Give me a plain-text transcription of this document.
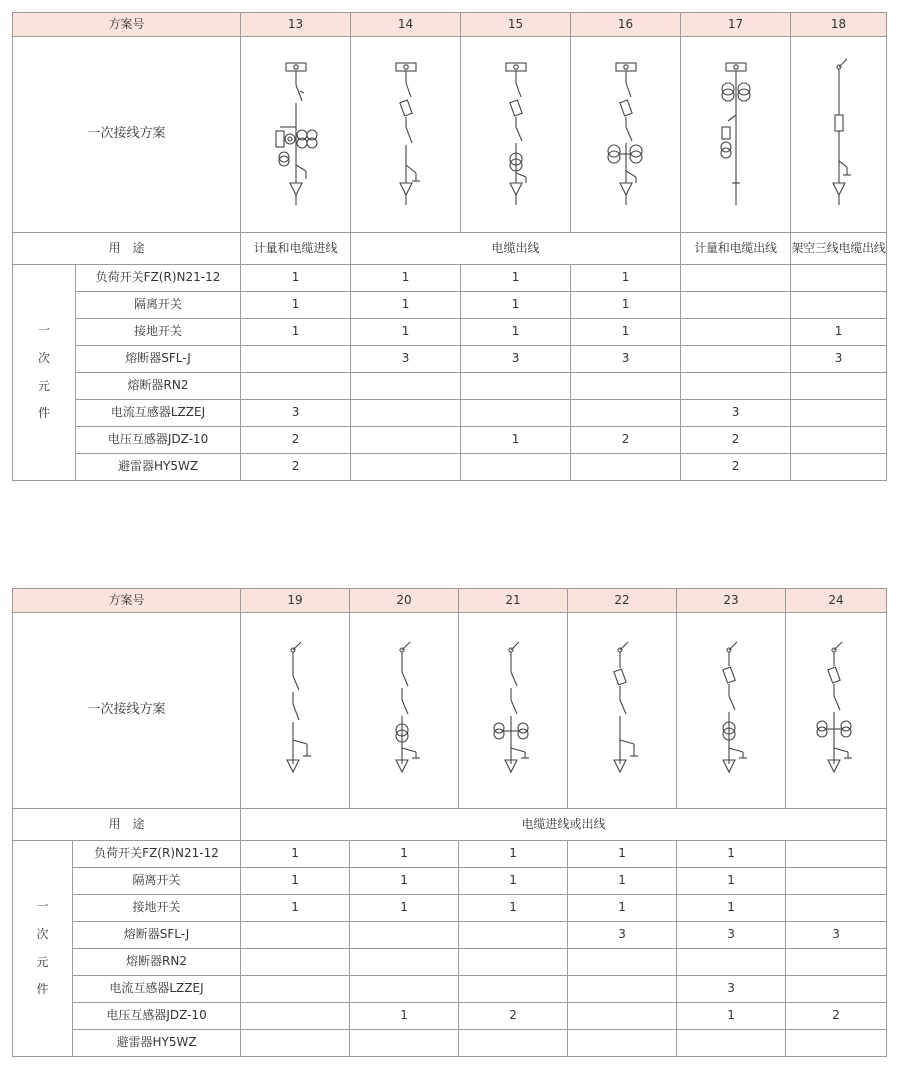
方案号		13	14	15	16	17	18
一次接线方案	

用　途		计量和电缆进线	电缆出线			计量和电缆出线	架空三线电缆出线
一
次
元
件	负荷开关FZ(R)N21-12	1	1	1	1		
	隔离开关	1	1	1	1		
	接地开关	1	1	1	1		1
	熔断器SFL-J		3	3	3		3
	熔断器RN2						
	电流互感器LZZEJ	3				3	
	电压互感器JDZ-10	2		1	2	2	
	避雷器HY5WZ	2				2	
方案号		19	20	21	22	23	24
一次接线方案	

用　途		电缆进线或出线					
一
次
元
件	负荷开关FZ(R)N21-12	1	1	1	1	1	
	隔离开关	1	1	1	1	1	
	接地开关	1	1	1	1	1	
	熔断器SFL-J				3	3	3
	熔断器RN2						
	电流互感器LZZEJ					3	
	电压互感器JDZ-10		1	2		1	2
	避雷器HY5WZ						
